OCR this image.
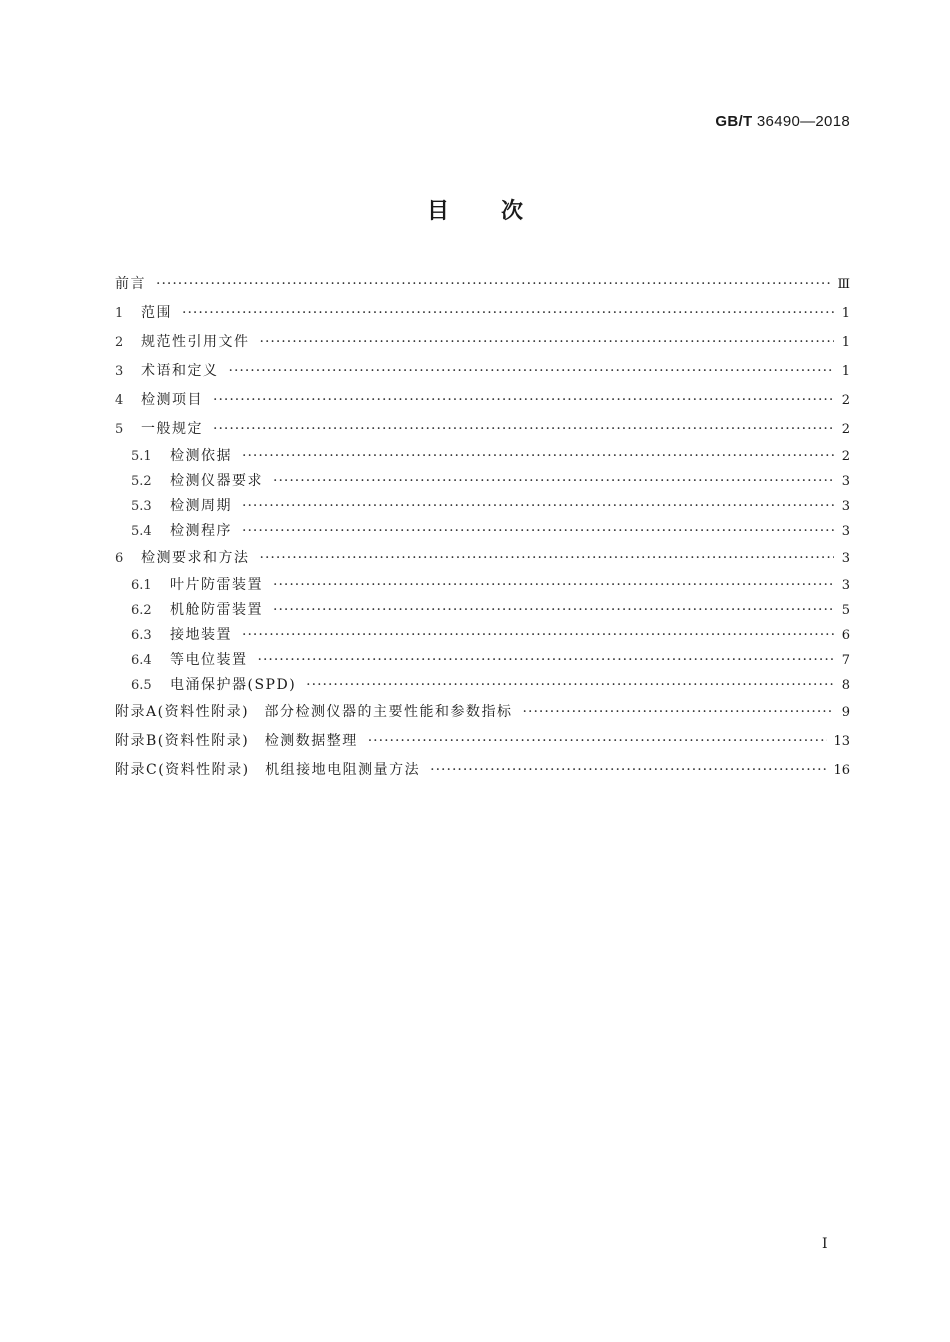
GB/T 36490—2018
目次
前言 ·····	Ⅲ
1	范围 ·····	1
2	规范性引用文件 ·····	1
3	术语和定义 ·····	1
4	检测项目 ·····	2
5	一般规定 ·····	2
5.1	检测依据 ·····	2
5.2	检测仪器要求 ·····	3
5.3	检测周期 ·····	3
5.4	检测程序 ·····	3
6	检测要求和方法 ·····	3
6.1	叶片防雷装置 ·····	3
6.2	机舱防雷装置 ·····	5
6.3	接地装置 ·····	6
6.4	等电位装置 ·····	7
6.5	电涌保护器(SPD) ·····	8
附录A(资料性附录)　部分检测仪器的主要性能和参数指标 ·····	9
附录B(资料性附录)　检测数据整理 ·····	13
附录C(资料性附录)　机组接地电阻测量方法 ·····	16
I
